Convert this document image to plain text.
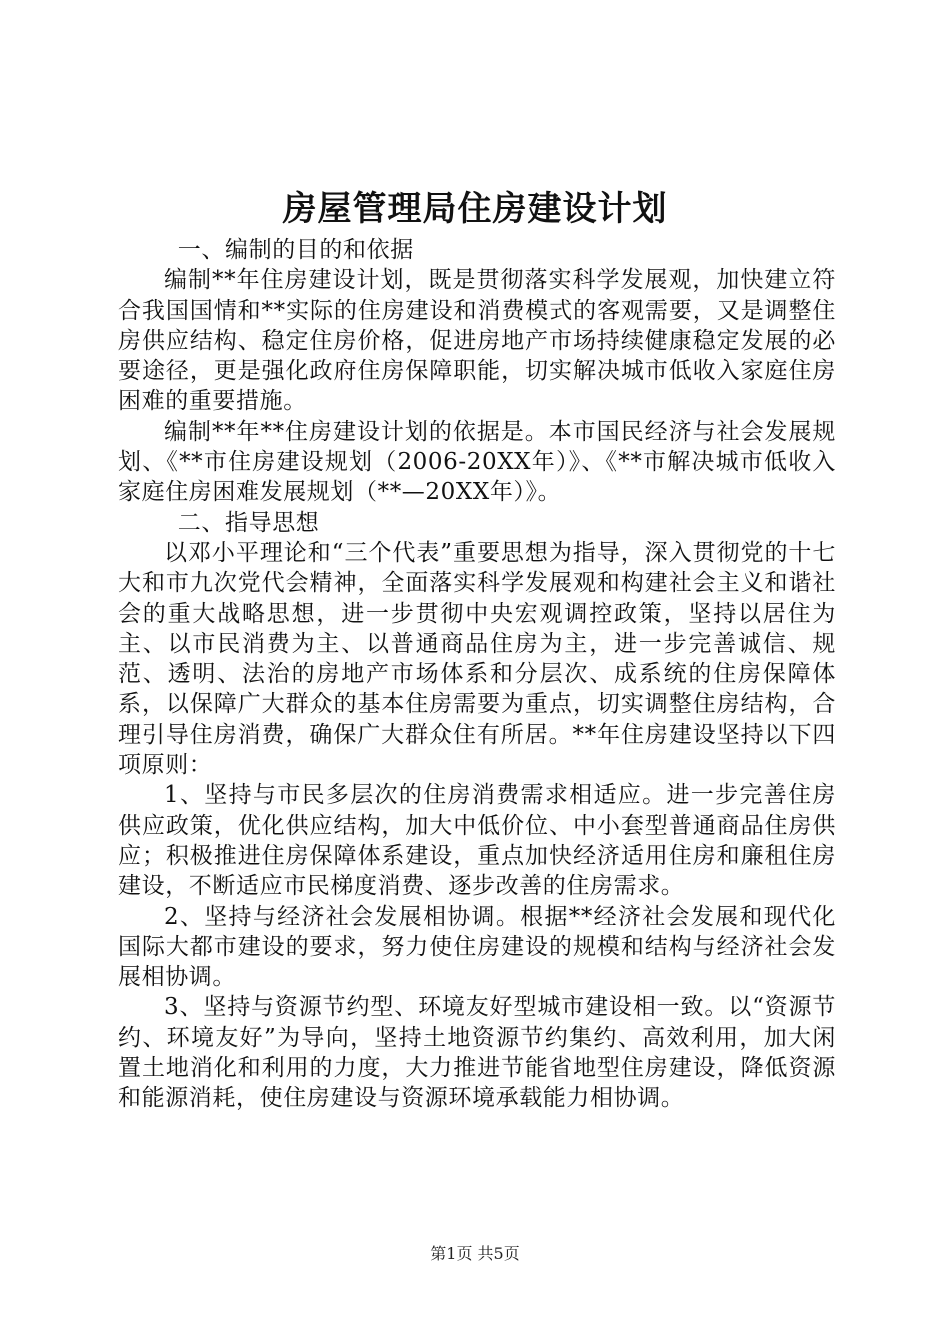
房屋管理局住房建设计划

一、编制的目的和依据

编制**年住房建设计划，既是贯彻落实科学发展观，加快建立符合我国国情和**实际的住房建设和消费模式的客观需要，又是调整住房供应结构、稳定住房价格，促进房地产市场持续健康稳定发展的必要途径，更是强化政府住房保障职能，切实解决城市低收入家庭住房困难的重要措施。

编制**年**住房建设计划的依据是。本市国民经济与社会发展规划、《**市住房建设规划（2006-20XX年）》、《**市解决城市低收入家庭住房困难发展规划（**—20XX年）》。

二、指导思想

以邓小平理论和“三个代表”重要思想为指导，深入贯彻党的十七大和市九次党代会精神，全面落实科学发展观和构建社会主义和谐社会的重大战略思想，进一步贯彻中央宏观调控政策，坚持以居住为主、以市民消费为主、以普通商品住房为主，进一步完善诚信、规范、透明、法治的房地产市场体系和分层次、成系统的住房保障体系，以保障广大群众的基本住房需要为重点，切实调整住房结构，合理引导住房消费，确保广大群众住有所居。**年住房建设坚持以下四项原则：

1、坚持与市民多层次的住房消费需求相适应。进一步完善住房供应政策，优化供应结构，加大中低价位、中小套型普通商品住房供应；积极推进住房保障体系建设，重点加快经济适用住房和廉租住房建设，不断适应市民梯度消费、逐步改善的住房需求。

2、坚持与经济社会发展相协调。根据**经济社会发展和现代化国际大都市建设的要求，努力使住房建设的规模和结构与经济社会发展相协调。

3、坚持与资源节约型、环境友好型城市建设相一致。以“资源节约、环境友好”为导向，坚持土地资源节约集约、高效利用，加大闲置土地消化和利用的力度，大力推进节能省地型住房建设，降低资源和能源消耗，使住房建设与资源环境承载能力相协调。

第1页 共5页
